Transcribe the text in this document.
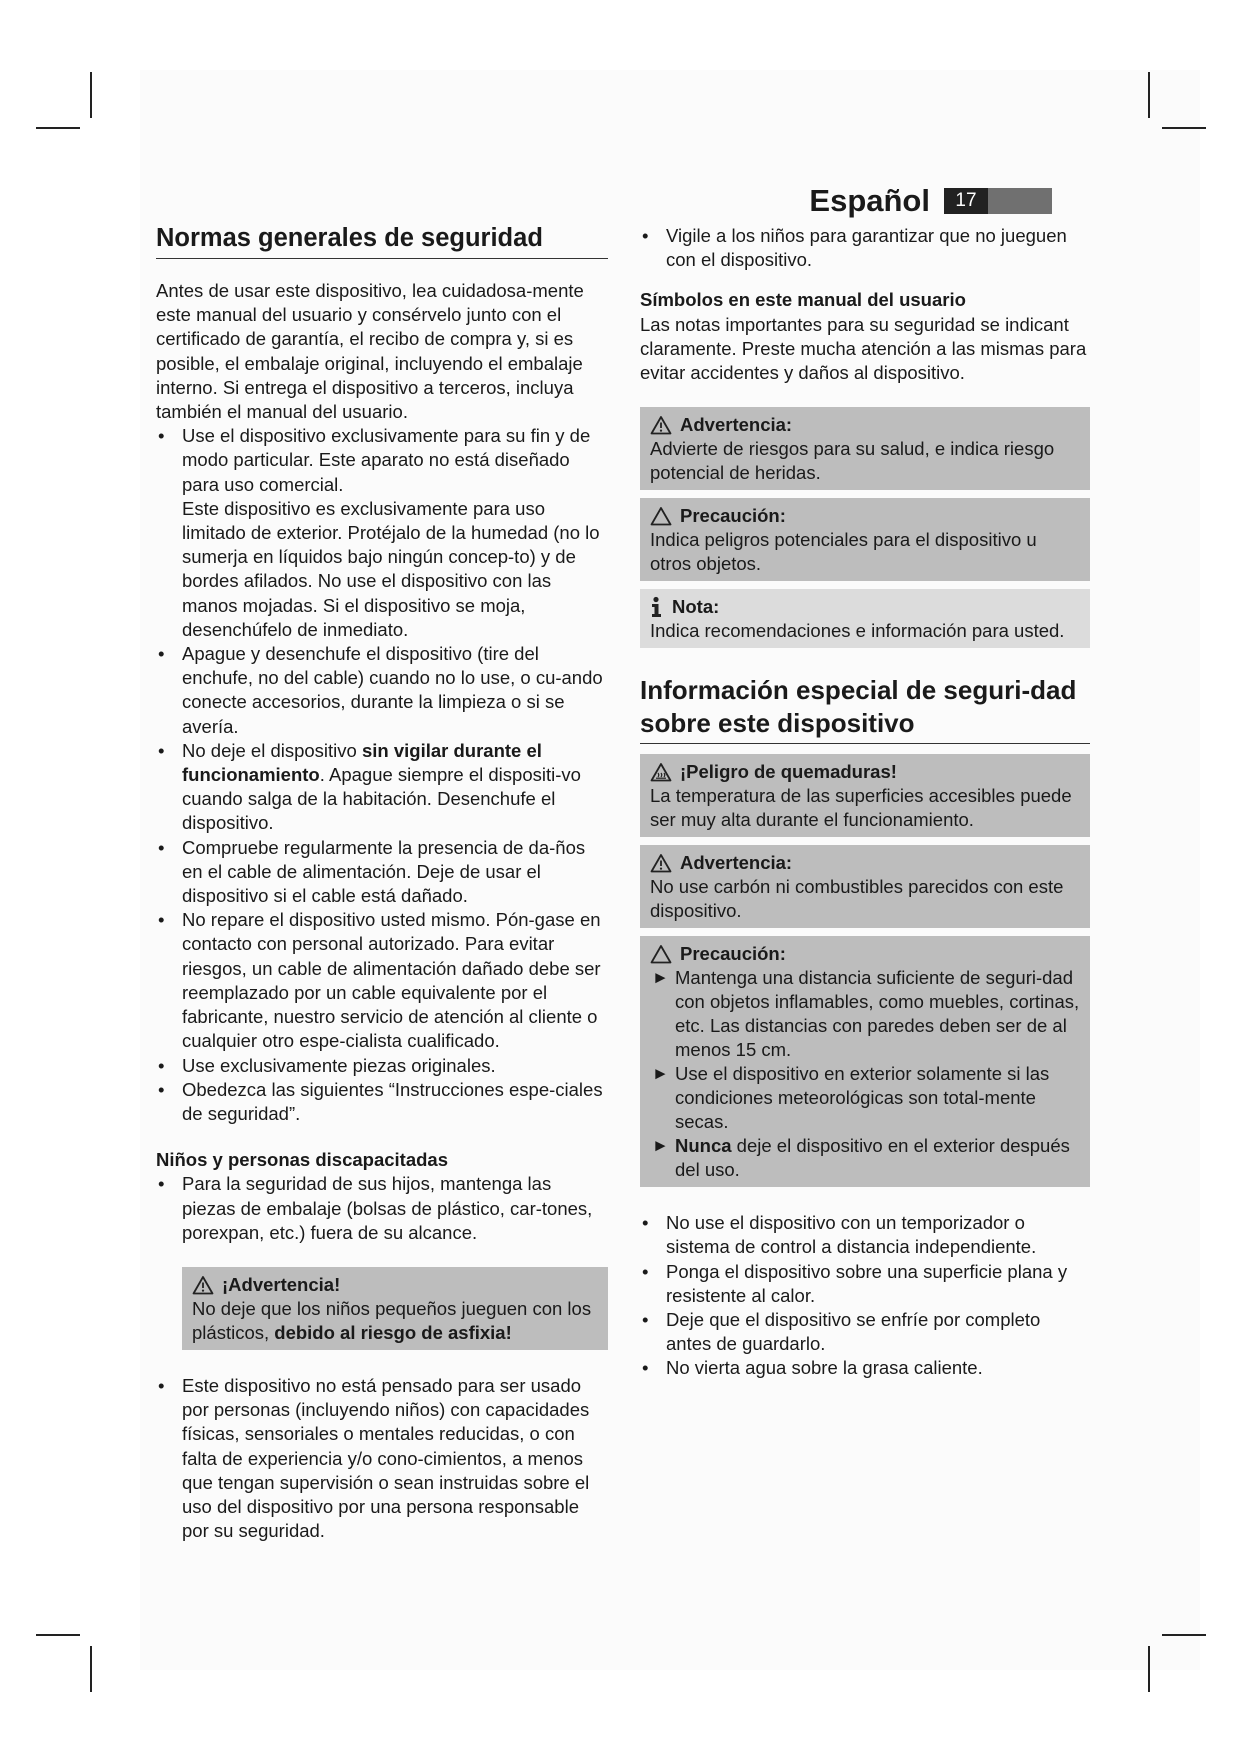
Español	17
Normas generales de seguridad

Antes de usar este dispositivo, lea cuidadosa-mente este manual del usuario y consérvelo junto con el certificado de garantía, el recibo de compra y, si es posible, el embalaje original, incluyendo el embalaje interno. Si entrega el dispositivo a terceros, incluya también el manual del usuario.

• Use el dispositivo exclusivamente para su fin y de modo particular. Este aparato no está diseñado para uso comercial.

Este dispositivo es exclusivamente para uso limitado de exterior. Protéjalo de la humedad (no lo sumerja en líquidos bajo ningún concep-to) y de bordes afilados. No use el dispositivo con las manos mojadas. Si el dispositivo se moja, desenchúfelo de inmediato.

• Apague y desenchufe el dispositivo (tire del enchufe, no del cable) cuando no lo use, o cu-ando conecte accesorios, durante la limpieza o si se avería.
• No deje el dispositivo sin vigilar durante el funcionamiento. Apague siempre el dispositi-vo cuando salga de la habitación. Desenchufe el dispositivo.
• Compruebe regularmente la presencia de da-ños en el cable de alimentación. Deje de usar el dispositivo si el cable está dañado.
• No repare el dispositivo usted mismo. Pón-gase en contacto con personal autorizado. Para evitar riesgos, un cable de alimentación dañado debe ser reemplazado por un cable equivalente por el fabricante, nuestro servicio de atención al cliente o cualquier otro espe-cialista cualificado.
• Use exclusivamente piezas originales.
• Obedezca las siguientes “Instrucciones espe-ciales de seguridad”.

Niños y personas discapacitadas

• Para la seguridad de sus hijos, mantenga las piezas de embalaje (bolsas de plástico, car-tones, porexpan, etc.) fuera de su alcance.
¡Advertencia!

No deje que los niños pequeños jueguen con los plásticos, debido al riesgo de asfixia!

• Este dispositivo no está pensado para ser usado por personas (incluyendo niños) con capacidades físicas, sensoriales o mentales reducidas, o con falta de experiencia y/o cono-cimientos, a menos que tengan supervisión o sean instruidas sobre el uso del dispositivo por una persona responsable por su seguridad.
• Vigile a los niños para garantizar que no jueguen con el dispositivo.

Símbolos en este manual del usuario

Las notas importantes para su seguridad se indicant claramente. Preste mucha atención a las mismas para evitar accidentes y daños al dispositivo.

Advertencia:

Advierte de riesgos para su salud, e indica riesgo potencial de heridas.

Precaución:

Indica peligros potenciales para el dispositivo u otros objetos.

Nota:

Indica recomendaciones e información para usted.

Información especial de seguri-dad sobre este dispositivo
¡Peligro de quemaduras!

La temperatura de las superficies accesibles puede ser muy alta durante el funcionamiento.

Advertencia:

No use carbón ni combustibles parecidos con este dispositivo.

Precaución:
► Mantenga una distancia suficiente de seguri-dad con objetos inflamables, como muebles, cortinas, etc. Las distancias con paredes deben ser de al menos 15 cm.
► Use el dispositivo en exterior solamente si las condiciones meteorológicas son total-mente secas.
► Nunca deje el dispositivo en el exterior después del uso.
• No use el dispositivo con un temporizador o sistema de control a distancia independiente.
• Ponga el dispositivo sobre una superficie plana y resistente al calor.
• Deje que el dispositivo se enfríe por completo antes de guardarlo.
• No vierta agua sobre la grasa caliente.
